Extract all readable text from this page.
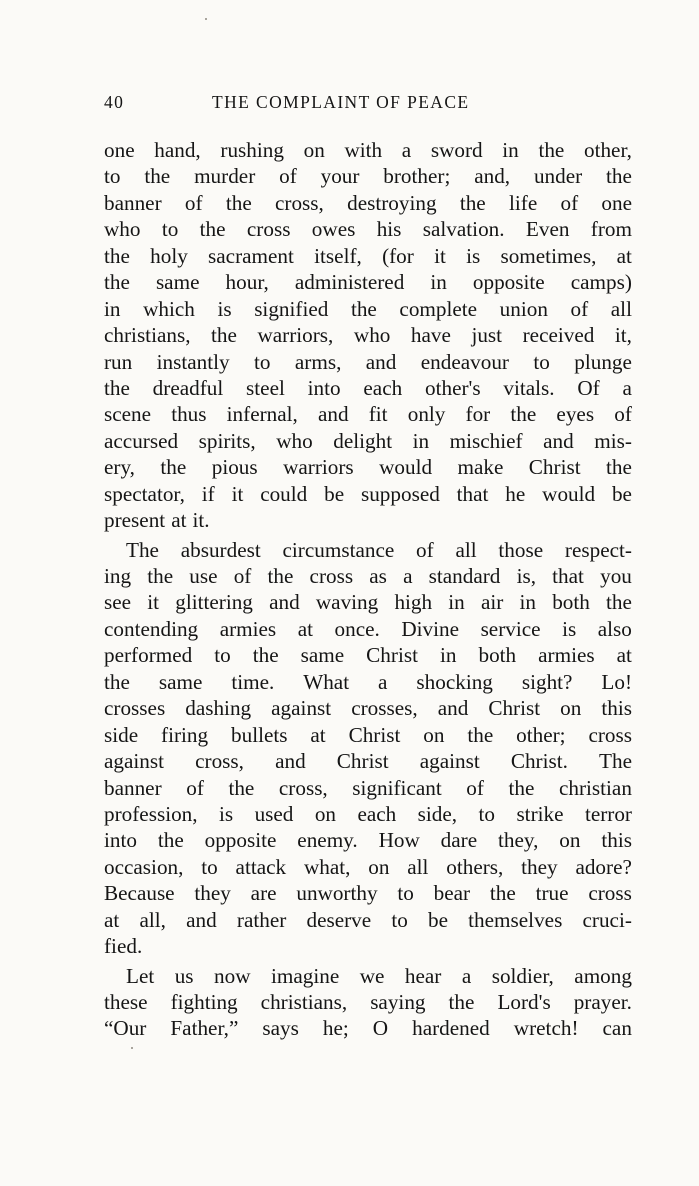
40	THE COMPLAINT OF PEACE
one hand, rushing on with a sword in the other,
to the murder of your brother; and, under the
banner of the cross, destroying the life of one
who to the cross owes his salvation. Even from
the holy sacrament itself, (for it is sometimes, at
the same hour, administered in opposite camps)
in which is signified the complete union of all
christians, the warriors, who have just received it,
run instantly to arms, and endeavour to plunge
the dreadful steel into each other's vitals. Of a
scene thus infernal, and fit only for the eyes of
accursed spirits, who delight in mischief and mis-
ery, the pious warriors would make Christ the
spectator, if it could be supposed that he would be
present at it.
The absurdest circumstance of all those respect-
ing the use of the cross as a standard is, that you
see it glittering and waving high in air in both the
contending armies at once. Divine service is also
performed to the same Christ in both armies at
the same time. What a shocking sight? Lo!
crosses dashing against crosses, and Christ on this
side firing bullets at Christ on the other; cross
against cross, and Christ against Christ. The
banner of the cross, significant of the christian
profession, is used on each side, to strike terror
into the opposite enemy. How dare they, on this
occasion, to attack what, on all others, they adore?
Because they are unworthy to bear the true cross
at all, and rather deserve to be themselves cruci-
fied.
Let us now imagine we hear a soldier, among
these fighting christians, saying the Lord's prayer.
“Our Father,” says he; O hardened wretch! can
